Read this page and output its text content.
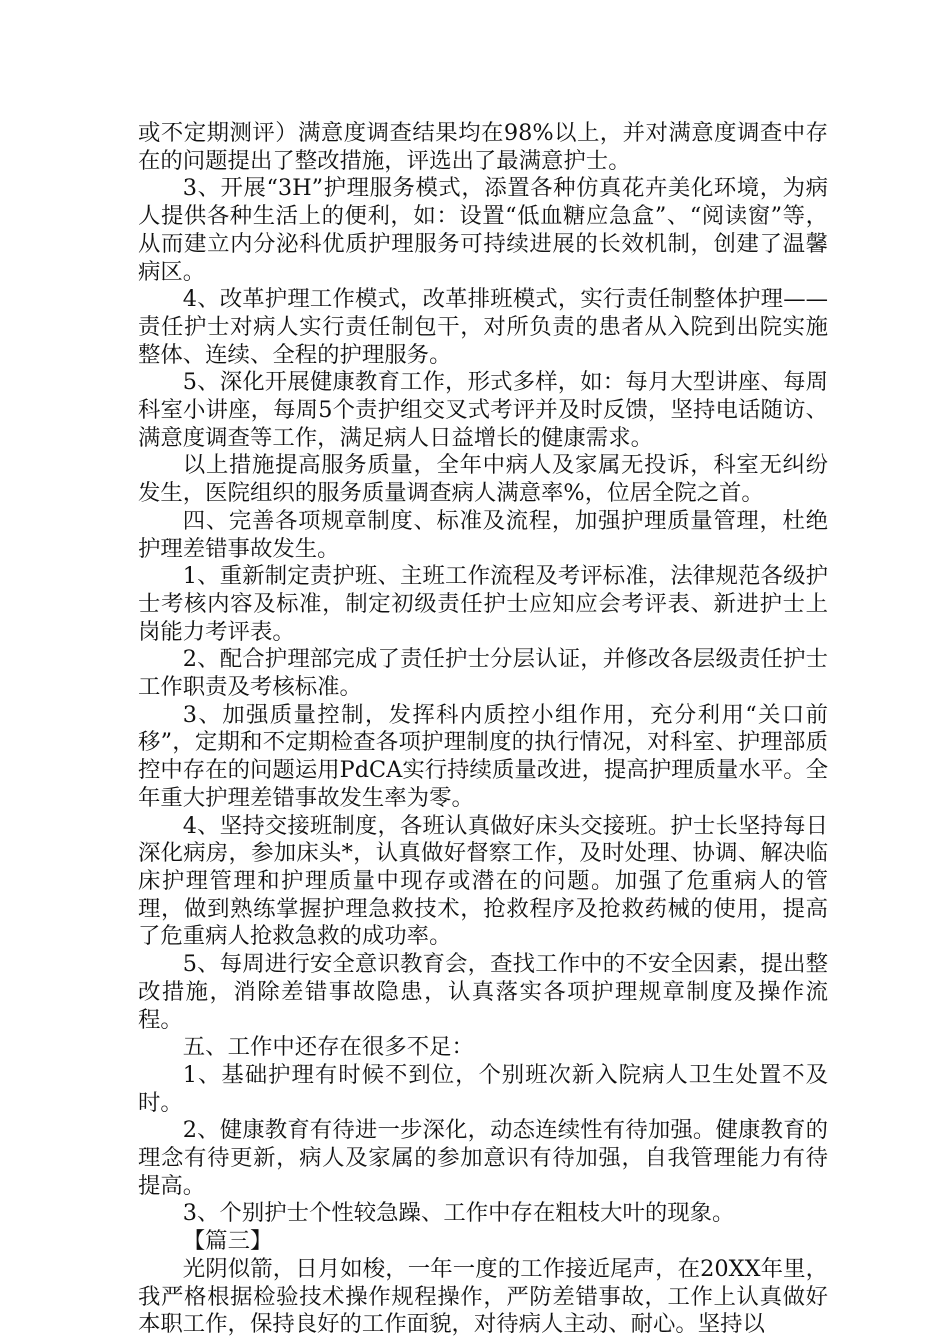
或不定期测评）满意度调查结果均在98%以上，并对满意度调查中存在的问题提出了整改措施，评选出了最满意护士。

3、开展“3H”护理服务模式，添置各种仿真花卉美化环境，为病人提供各种生活上的便利，如：设置“低血糖应急盒”、“阅读窗”等，从而建立内分泌科优质护理服务可持续进展的长效机制，创建了温馨病区。

4、改革护理工作模式，改革排班模式，实行责任制整体护理——责任护士对病人实行责任制包干，对所负责的患者从入院到出院实施整体、连续、全程的护理服务。

5、深化开展健康教育工作，形式多样，如：每月大型讲座、每周科室小讲座，每周5个责护组交叉式考评并及时反馈，坚持电话随访、满意度调查等工作，满足病人日益增长的健康需求。

以上措施提高服务质量，全年中病人及家属无投诉，科室无纠纷发生，医院组织的服务质量调查病人满意率%，位居全院之首。

四、完善各项规章制度、标准及流程，加强护理质量管理，杜绝护理差错事故发生。

1、重新制定责护班、主班工作流程及考评标准，法律规范各级护士考核内容及标准，制定初级责任护士应知应会考评表、新进护士上岗能力考评表。

2、配合护理部完成了责任护士分层认证，并修改各层级责任护士工作职责及考核标准。

3、加强质量控制，发挥科内质控小组作用，充分利用“关口前移”，定期和不定期检查各项护理制度的执行情况，对科室、护理部质控中存在的问题运用PdCA实行持续质量改进，提高护理质量水平。全年重大护理差错事故发生率为零。

4、坚持交接班制度，各班认真做好床头交接班。护士长坚持每日深化病房，参加床头*，认真做好督察工作，及时处理、协调、解决临床护理管理和护理质量中现存或潜在的问题。加强了危重病人的管理，做到熟练掌握护理急救技术，抢救程序及抢救药械的使用，提高了危重病人抢救急救的成功率。

5、每周进行安全意识教育会，查找工作中的不安全因素，提出整改措施，消除差错事故隐患，认真落实各项护理规章制度及操作流程。

五、工作中还存在很多不足：

1、基础护理有时候不到位，个别班次新入院病人卫生处置不及时。

2、健康教育有待进一步深化，动态连续性有待加强。健康教育的理念有待更新，病人及家属的参加意识有待加强，自我管理能力有待提高。

3、个别护士个性较急躁、工作中存在粗枝大叶的现象。

【篇三】

光阴似箭，日月如梭，一年一度的工作接近尾声，在20XX年里，我严格根据检验技术操作规程操作，严防差错事故，工作上认真做好本职工作，保持良好的工作面貌，对待病人主动、耐心。坚持以
